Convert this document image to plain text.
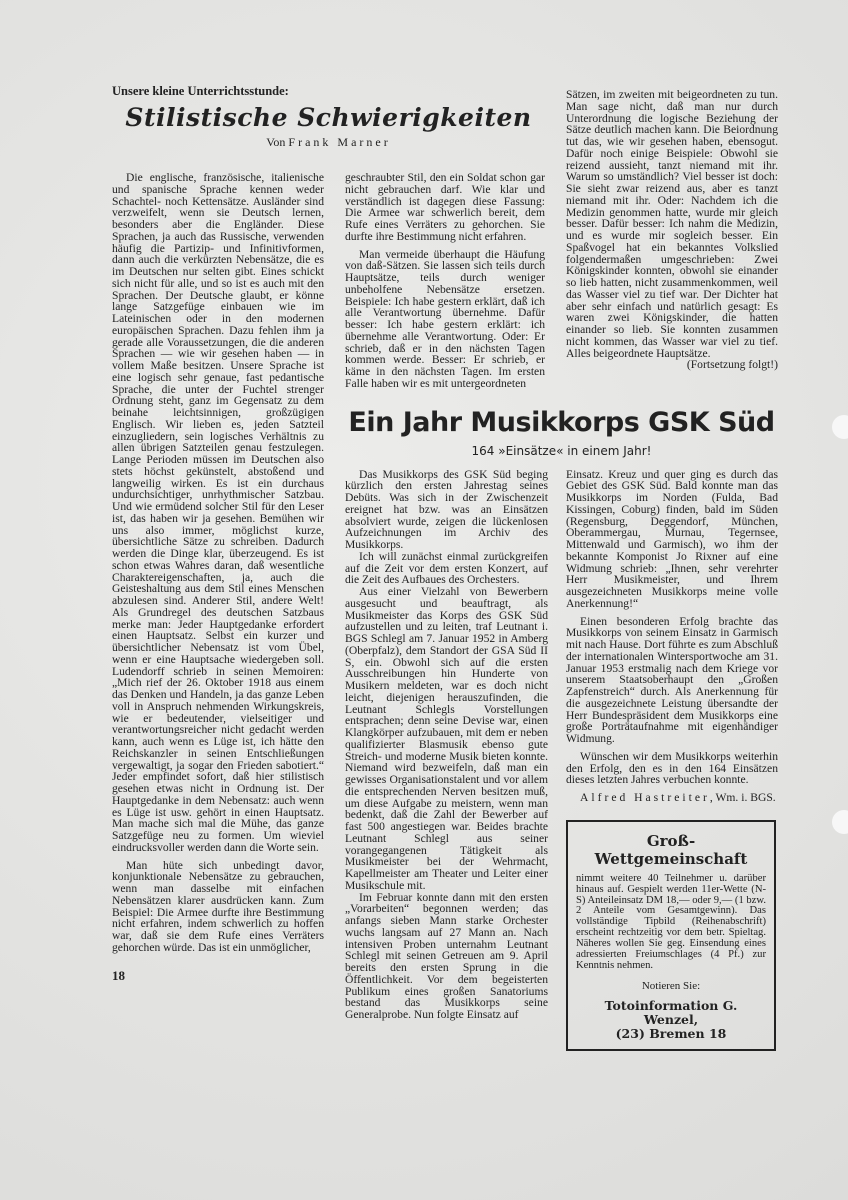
Unsere kleine Unterrichtsstunde:
Stilistische Schwierigkeiten
Von Frank Marner

Die englische, französische, italienische und spanische Sprache kennen weder Schachtel- noch Kettensätze. Ausländer sind verzweifelt, wenn sie Deutsch lernen, besonders aber die Engländer. Diese Sprachen, ja auch das Russische, verwenden häufig die Partizip- und Infinitivformen, dann auch die verkürzten Nebensätze, die es im Deutschen nur selten gibt. Eines schickt sich nicht für alle, und so ist es auch mit den Sprachen. Der Deutsche glaubt, er könne lange Satzgefüge einbauen wie im Lateinischen oder in den modernen europäischen Sprachen. Dazu fehlen ihm ja gerade alle Voraussetzungen, die die anderen Sprachen — wie wir gesehen haben — in vollem Maße besitzen. Unsere Sprache ist eine logisch sehr genaue, fast pedantische Sprache, die unter der Fuchtel strenger Ordnung steht, ganz im Gegensatz zu dem beinahe leichtsinnigen, großzügigen Englisch. Wir lieben es, jeden Satzteil einzugliedern, sein logisches Verhältnis zu allen übrigen Satzteilen genau festzulegen. Lange Perioden müssen im Deutschen also stets höchst gekünstelt, abstoßend und langweilig wirken. Es ist ein durchaus undurchsichtiger, unrhythmischer Satzbau. Und wie ermüdend solcher Stil für den Leser ist, das haben wir ja gesehen. Bemühen wir uns also immer, möglichst kurze, übersichtliche Sätze zu schreiben. Dadurch werden die Dinge klar, überzeugend. Es ist schon etwas Wahres daran, daß wesentliche Charaktereigenschaften, ja, auch die Geisteshaltung aus dem Stil eines Menschen abzulesen sind. Anderer Stil, andere Welt! Als Grundregel des deutschen Satzbaus merke man: Jeder Hauptgedanke erfordert einen Hauptsatz. Selbst ein kurzer und übersichtlicher Nebensatz ist vom Übel, wenn er eine Hauptsache wiedergeben soll. Ludendorff schrieb in seinen Memoiren: „Mich rief der 26. Oktober 1918 aus einem das Denken und Handeln, ja das ganze Leben voll in Anspruch nehmenden Wirkungskreis, wie er bedeutender, vielseitiger und verantwortungsreicher nicht gedacht werden kann, auch wenn es Lüge ist, ich hätte den Reichskanzler in seinen Entschließungen vergewaltigt, ja sogar den Frieden sabotiert.“ Jeder empfindet sofort, daß hier stilistisch gesehen etwas nicht in Ordnung ist. Der Hauptgedanke in dem Nebensatz: auch wenn es Lüge ist usw. gehört in einen Hauptsatz. Man mache sich mal die Mühe, das ganze Satzgefüge neu zu formen. Um wieviel eindrucksvoller werden dann die Worte sein.

Man hüte sich unbedingt davor, konjunktionale Nebensätze zu gebrauchen, wenn man dasselbe mit einfachen Nebensätzen klarer ausdrücken kann. Zum Beispiel: Die Armee durfte ihre Bestimmung nicht erfahren, indem schwerlich zu hoffen war, daß sie dem Rufe eines Verräters gehorchen würde. Das ist ein unmöglicher,

18

geschraubter Stil, den ein Soldat schon gar nicht gebrauchen darf. Wie klar und verständlich ist dagegen diese Fassung: Die Armee war schwerlich bereit, dem Rufe eines Verräters zu gehorchen. Sie durfte ihre Bestimmung nicht erfahren.

Man vermeide überhaupt die Häufung von daß-Sätzen. Sie lassen sich teils durch Hauptsätze, teils durch weniger unbeholfene Nebensätze ersetzen. Beispiele: Ich habe gestern erklärt, daß ich alle Verantwortung übernehme. Dafür besser: Ich habe gestern erklärt: ich übernehme alle Verantwortung. Oder: Er schrieb, daß er in den nächsten Tagen kommen werde. Besser: Er schrieb, er käme in den nächsten Tagen. Im ersten Falle haben wir es mit untergeordneten

Sätzen, im zweiten mit beigeordneten zu tun. Man sage nicht, daß man nur durch Unterordnung die logische Beziehung der Sätze deutlich machen kann. Die Beiordnung tut das, wie wir gesehen haben, ebensogut. Dafür noch einige Beispiele: Obwohl sie reizend aussieht, tanzt niemand mit ihr. Warum so umständlich? Viel besser ist doch: Sie sieht zwar reizend aus, aber es tanzt niemand mit ihr. Oder: Nachdem ich die Medizin genommen hatte, wurde mir gleich besser. Dafür besser: Ich nahm die Medizin, und es wurde mir sogleich besser. Ein Spaßvogel hat ein bekanntes Volkslied folgendermaßen umgeschrieben: Zwei Königskinder konnten, obwohl sie einander so lieb hatten, nicht zusammenkommen, weil das Wasser viel zu tief war. Der Dichter hat aber sehr einfach und natürlich gesagt: Es waren zwei Königskinder, die hatten einander so lieb. Sie konnten zusammen nicht kommen, das Wasser war viel zu tief. Alles beigeordnete Hauptsätze.

(Fortsetzung folgt!)
Ein Jahr Musikkorps GSK Süd
164 »Einsätze« in einem Jahr!

Das Musikkorps des GSK Süd beging kürzlich den ersten Jahrestag seines Debüts. Was sich in der Zwischenzeit ereignet hat bzw. was an Einsätzen absolviert wurde, zeigen die lückenlosen Aufzeichnungen im Archiv des Musikkorps.

Ich will zunächst einmal zurückgreifen auf die Zeit vor dem ersten Konzert, auf die Zeit des Aufbaues des Orchesters.

Aus einer Vielzahl von Bewerbern ausgesucht und beauftragt, als Musikmeister das Korps des GSK Süd aufzustellen und zu leiten, traf Leutnant i. BGS Schlegl am 7. Januar 1952 in Amberg (Oberpfalz), dem Standort der GSA Süd II S, ein. Obwohl sich auf die ersten Ausschreibungen hin Hunderte von Musikern meldeten, war es doch nicht leicht, diejenigen herauszufinden, die Leutnant Schlegls Vorstellungen entsprachen; denn seine Devise war, einen Klangkörper aufzubauen, mit dem er neben qualifizierter Blasmusik ebenso gute Streich- und moderne Musik bieten konnte. Niemand wird bezweifeln, daß man ein gewisses Organisationstalent und vor allem die entsprechenden Nerven besitzen muß, um diese Aufgabe zu meistern, wenn man bedenkt, daß die Zahl der Bewerber auf fast 500 angestiegen war. Beides brachte Leutnant Schlegl aus seiner vorangegangenen Tätigkeit als Musikmeister bei der Wehrmacht, Kapellmeister am Theater und Leiter einer Musikschule mit.

Im Februar konnte dann mit den ersten „Vorarbeiten“ begonnen werden; das anfangs sieben Mann starke Orchester wuchs langsam auf 27 Mann an. Nach intensiven Proben unternahm Leutnant Schlegl mit seinen Getreuen am 9. April bereits den ersten Sprung in die Öffentlichkeit. Vor dem begeisterten Publikum eines großen Sanatoriums bestand das Musikkorps seine Generalprobe. Nun folgte Einsatz auf

Einsatz. Kreuz und quer ging es durch das Gebiet des GSK Süd. Bald konnte man das Musikkorps im Norden (Fulda, Bad Kissingen, Coburg) finden, bald im Süden (Regensburg, Deggendorf, München, Oberammergau, Murnau, Tegernsee, Mittenwald und Garmisch), wo ihm der bekannte Komponist Jo Rixner auf eine Widmung schrieb: „Ihnen, sehr verehrter Herr Musikmeister, und Ihrem ausgezeichneten Musikkorps meine volle Anerkennung!“

Einen besonderen Erfolg brachte das Musikkorps von seinem Einsatz in Garmisch mit nach Hause. Dort führte es zum Abschluß der internationalen Wintersportwoche am 31. Januar 1953 erstmalig nach dem Kriege vor unserem Staatsoberhaupt den „Großen Zapfenstreich“ durch. Als Anerkennung für die ausgezeichnete Leistung übersandte der Herr Bundespräsident dem Musikkorps eine große Porträtaufnahme mit eigenhändiger Widmung.

Wünschen wir dem Musikkorps weiterhin den Erfolg, den es in den 164 Einsätzen dieses letzten Jahres verbuchen konnte.

Alfred Hastreiter, Wm. i. BGS.

Groß-Wettgemeinschaft

nimmt weitere 40 Teilnehmer u. darüber hinaus auf. Gespielt werden 11er-Wette (N-S) Anteileinsatz DM 18,— oder 9,— (1 bzw. 2 Anteile vom Gesamtgewinn). Das vollständige Tipbild (Reihenabschrift) erscheint rechtzeitig vor dem betr. Spieltag. Näheres wollen Sie geg. Einsendung eines adressierten Freiumschlages (4 Pf.) zur Kenntnis nehmen.

Notieren Sie:
Totoinformation G. Wenzel,
(23) Bremen 18
